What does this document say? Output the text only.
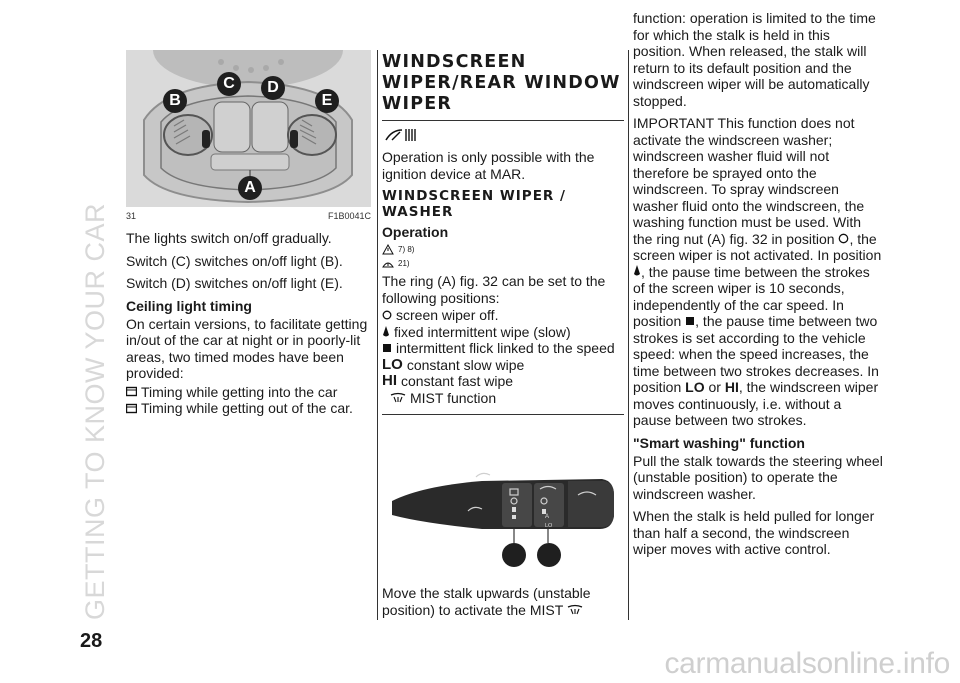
GETTING TO KNOW YOUR CAR
28
carmanualsonline.info
C	D
B	E
A
31	F1B0041C

The lights switch on/off gradually.

Switch (C) switches on/off light (B).

Switch (D) switches on/off light (E).

Ceiling light timing

On certain versions, to facilitate getting in/out of the car at night or in poorly-lit areas, two timed modes have been provided:

Timing while getting into the car
Timing while getting out of the car.
WINDSCREEN WIPER/REAR WINDOW WIPER

Operation is only possible with the ignition device at MAR.

WINDSCREEN WIPER / WASHER
Operation
7) 8)
21)

The ring (A) fig. 32 can be set to the following positions:

screen wiper off.
fixed intermittent wipe (slow)
intermittent flick linked to the speed
LO constant slow wipe
HI constant fast wipe
MIST function
LO
A

Move the stalk upwards (unstable position) to activate the MIST

function: operation is limited to the time for which the stalk is held in this position. When released, the stalk will return to its default position and the windscreen wiper will be automatically stopped.

IMPORTANT This function does not activate the windscreen washer; windscreen washer fluid will not therefore be sprayed onto the windscreen. To spray windscreen washer fluid onto the windscreen, the washing function must be used. With the ring nut (A) fig. 32 in position , the screen wiper is not activated. In position , the pause time between the strokes of the screen wiper is 10 seconds, independently of the car speed. In position , the pause time between two strokes is set according to the vehicle speed: when the speed increases, the time between two strokes decreases. In position LO or HI, the windscreen wiper moves continuously, i.e. without a pause between two strokes.

"Smart washing" function

Pull the stalk towards the steering wheel (unstable position) to operate the windscreen washer.

When the stalk is held pulled for longer than half a second, the windscreen wiper moves with active control.
